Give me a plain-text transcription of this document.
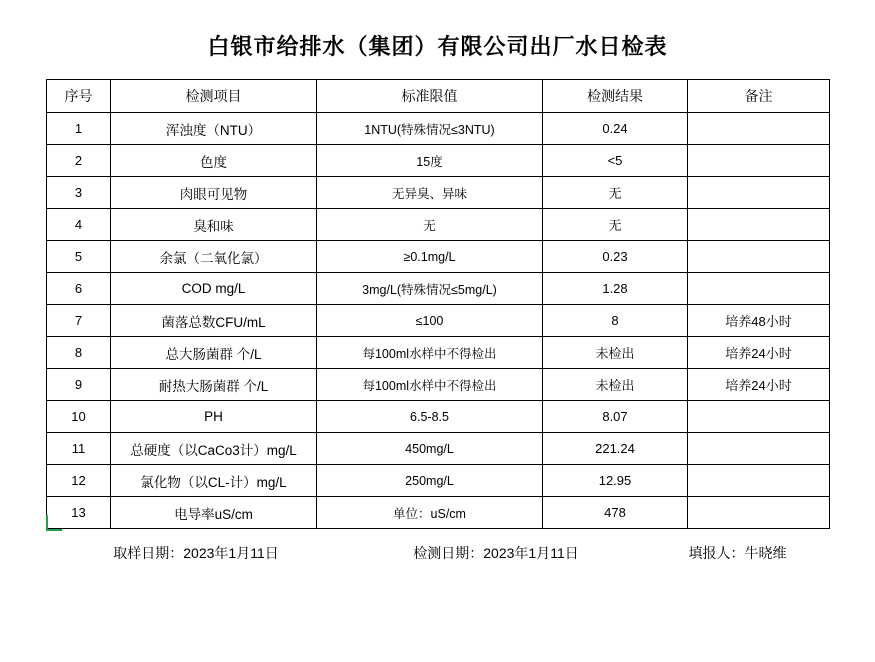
白银市给排水（集团）有限公司出厂水日检表
序号	检测项目	标准限值	检测结果	备注
1	浑浊度（NTU）	1NTU(特殊情况≤3NTU)	0.24	
2	色度	15度	<5	
3	肉眼可见物	无异臭、异味	无	
4	臭和味	无	无	
5	余氯（二氧化氯）	≥0.1mg/L	0.23	
6	COD mg/L	3mg/L(特殊情况≤5mg/L)	1.28	
7	菌落总数CFU/mL	≤100	8	培养48小时
8	总大肠菌群 个/L	每100ml水样中不得检出	未检出	培养24小时
9	耐热大肠菌群 个/L	每100ml水样中不得检出	未检出	培养24小时
10	PH	6.5-8.5	8.07	
11	总硬度（以CaCo3计）mg/L	450mg/L	221.24	
12	氯化物（以CL-计）mg/L	250mg/L	12.95	
13	电导率uS/cm	单位：uS/cm	478	
取样日期：2023年1月11日	检测日期：2023年1月11日	填报人：牛晓维
